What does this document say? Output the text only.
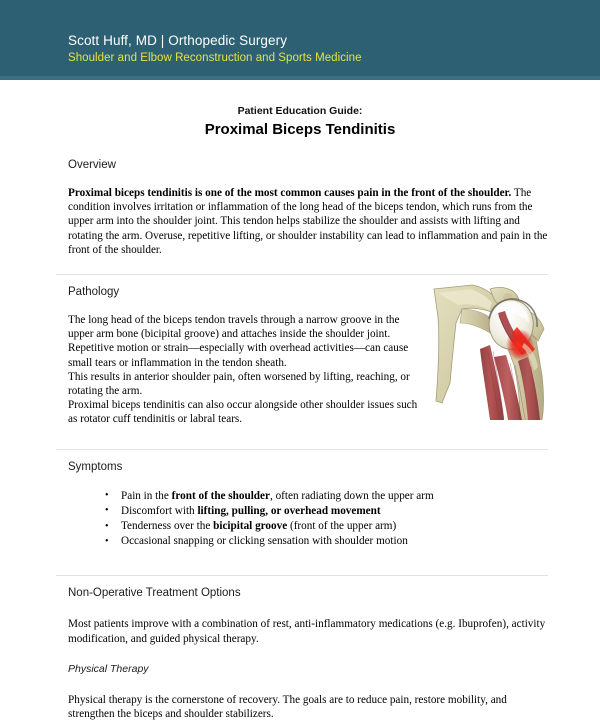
Scott Huff, MD | Orthopedic Surgery
Shoulder and Elbow Reconstruction and Sports Medicine
Patient Education Guide:
Proximal Biceps Tendinitis
Overview

Proximal biceps tendinitis is one of the most common causes pain in the front of the shoulder. The condition involves irritation or inflammation of the long head of the biceps tendon, which runs from the upper arm into the shoulder joint. This tendon helps stabilize the shoulder and assists with lifting and rotating the arm. Overuse, repetitive lifting, or shoulder instability can lead to inflammation and pain in the front of the shoulder.

Pathology

The long head of the biceps tendon travels through a narrow groove in the upper arm bone (bicipital groove) and attaches inside the shoulder joint. Repetitive motion or strain—especially with overhead activities—can cause small tears or inflammation in the tendon sheath.

This results in anterior shoulder pain, often worsened by lifting, reaching, or rotating the arm.

Proximal biceps tendinitis can also occur alongside other shoulder issues such as rotator cuff tendinitis or labral tears.

Symptoms
• Pain in the front of the shoulder, often radiating down the upper arm
• Discomfort with lifting, pulling, or overhead movement
• Tenderness over the bicipital groove (front of the upper arm)
• Occasional snapping or clicking sensation with shoulder motion
Non-Operative Treatment Options

Most patients improve with a combination of rest, anti-inflammatory medications (e.g. Ibuprofen), activity modification, and guided physical therapy.

Physical Therapy

Physical therapy is the cornerstone of recovery. The goals are to reduce pain, restore mobility, and strengthen the biceps and shoulder stabilizers.
